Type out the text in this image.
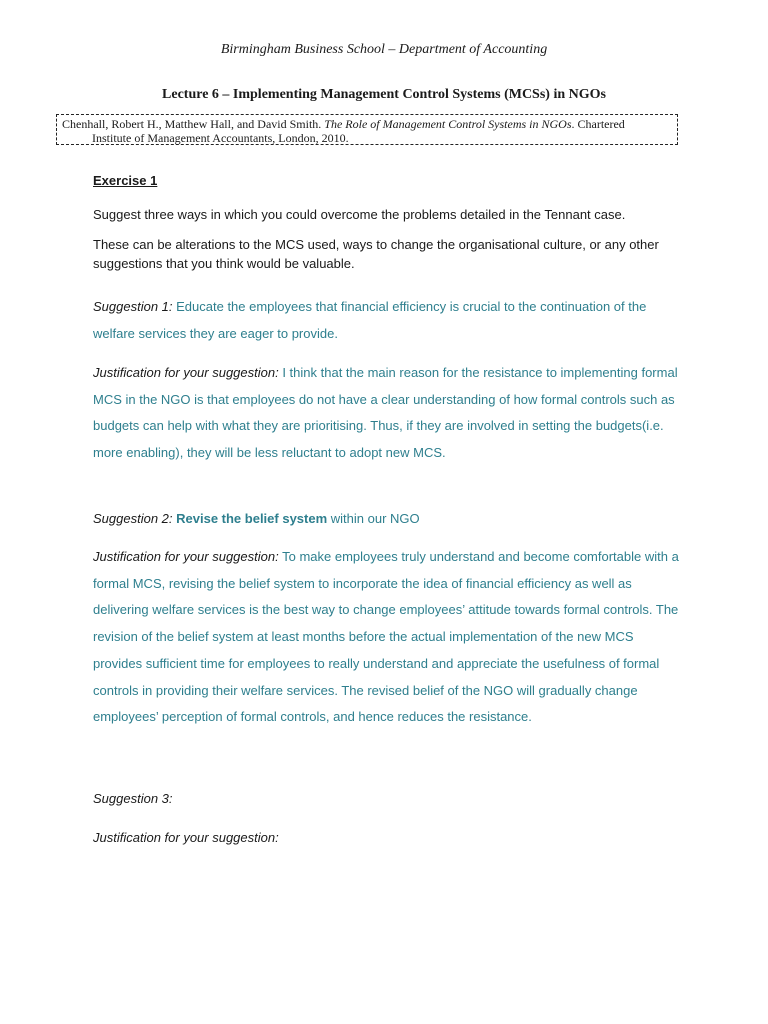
Birmingham Business School – Department of Accounting
Lecture 6 – Implementing Management Control Systems (MCSs) in NGOs
Chenhall, Robert H., Matthew Hall, and David Smith. The Role of Management Control Systems in NGOs. Chartered
Institute of Management Accountants, London, 2010.
Exercise 1
Suggest three ways in which you could overcome the problems detailed in the Tennant case.
These can be alterations to the MCS used, ways to change the organisational culture, or any other suggestions that you think would be valuable.
Suggestion 1: Educate the employees that financial efficiency is crucial to the continuation of the welfare services they are eager to provide.
Justification for your suggestion: I think that the main reason for the resistance to implementing formal MCS in the NGO is that employees do not have a clear understanding of how formal controls such as budgets can help with what they are prioritising. Thus, if they are involved in setting the budgets(i.e. more enabling), they will be less reluctant to adopt new MCS.
Suggestion 2: Revise the belief system within our NGO
Justification for your suggestion: To make employees truly understand and become comfortable with a formal MCS, revising the belief system to incorporate the idea of financial efficiency as well as delivering welfare services is the best way to change employees’ attitude towards formal controls. The revision of the belief system at least months before the actual implementation of the new MCS provides sufficient time for employees to really understand and appreciate the usefulness of formal controls in providing their welfare services. The revised belief of the NGO will gradually change employees’ perception of formal controls, and hence reduces the resistance.
Suggestion 3:
Justification for your suggestion:
